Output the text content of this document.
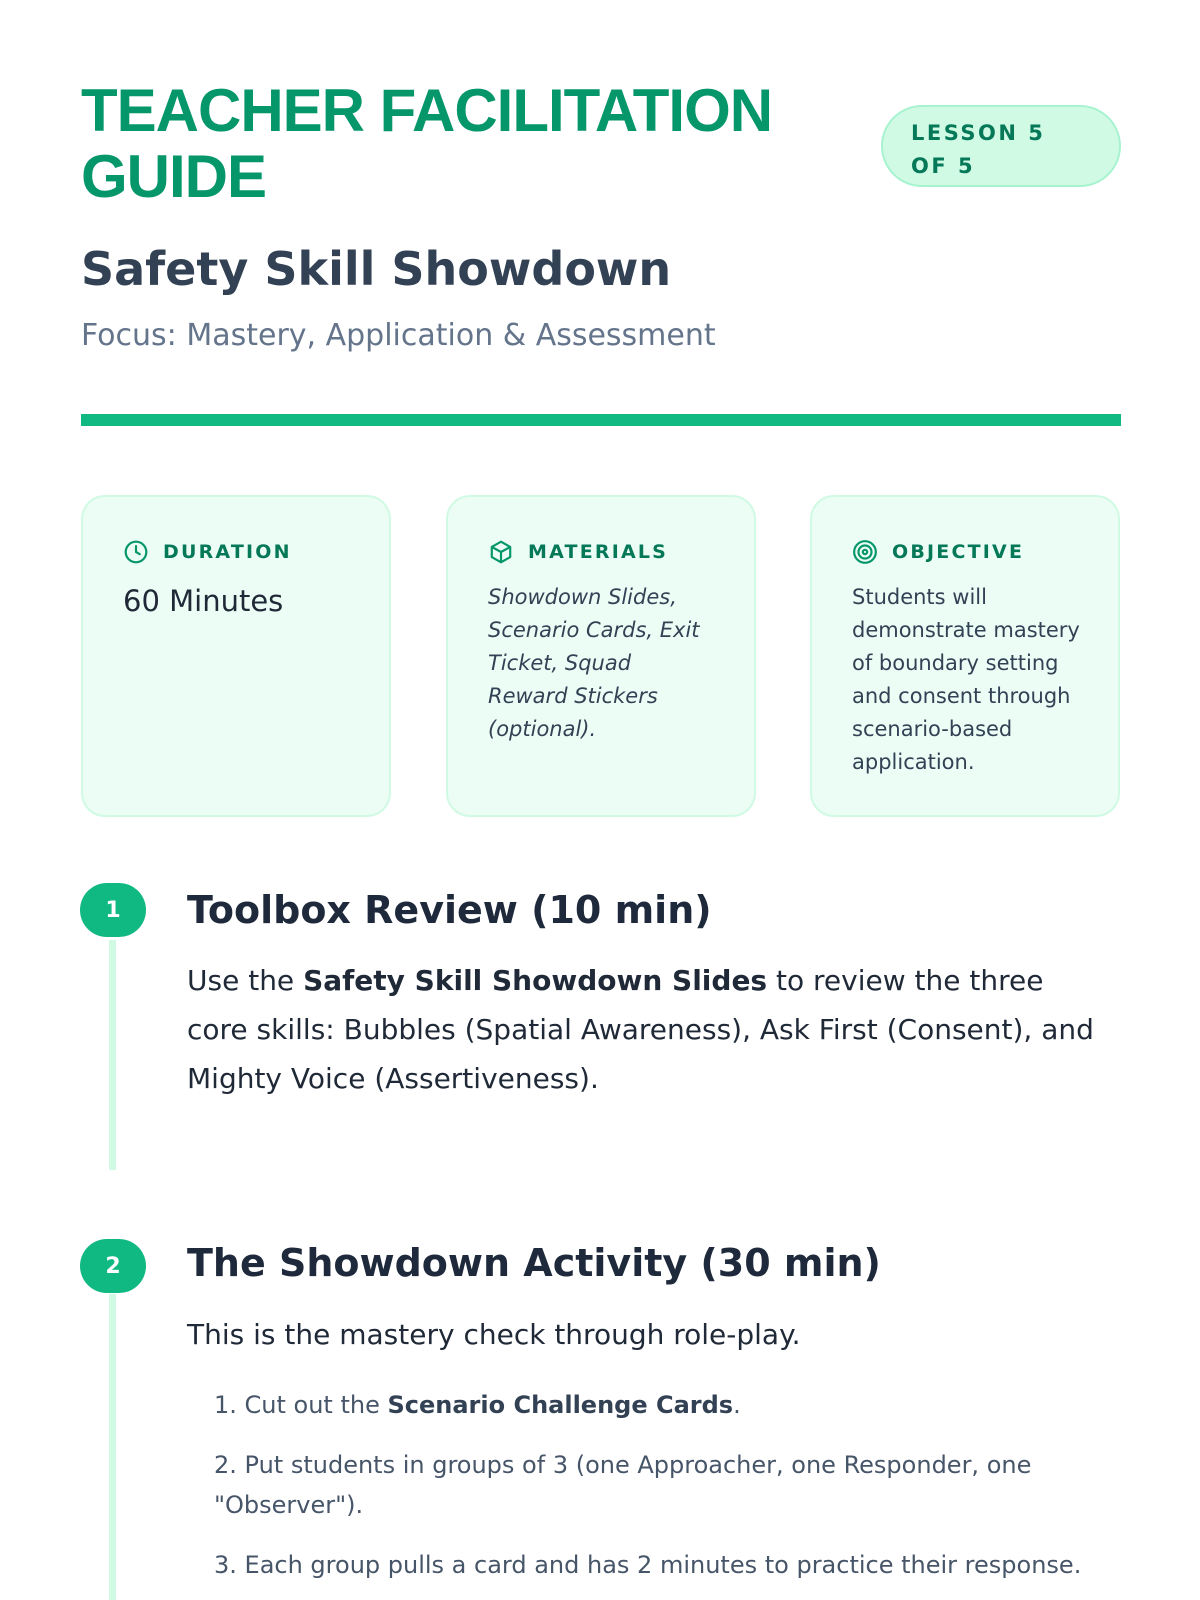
TEACHER FACILITATION GUIDE
LESSON 5 OF 5
Safety Skill Showdown

Focus: Mastery, Application & Assessment

DURATION
60 Minutes
MATERIALS
Showdown Slides, Scenario Cards, Exit Ticket, Squad Reward Stickers (optional).
OBJECTIVE
Students will demonstrate mastery of boundary setting and consent through scenario-based application.
1	Toolbox Review (10 min)

Use the Safety Skill Showdown Slides to review the three core skills: Bubbles (Spatial Awareness), Ask First (Consent), and Mighty Voice (Assertiveness).

2	The Showdown Activity (30 min)

This is the mastery check through role-play.

1. Cut out the Scenario Challenge Cards.
2. Put students in groups of 3 (one Approacher, one Responder, one "Observer").
3. Each group pulls a card and has 2 minutes to practice their response.
